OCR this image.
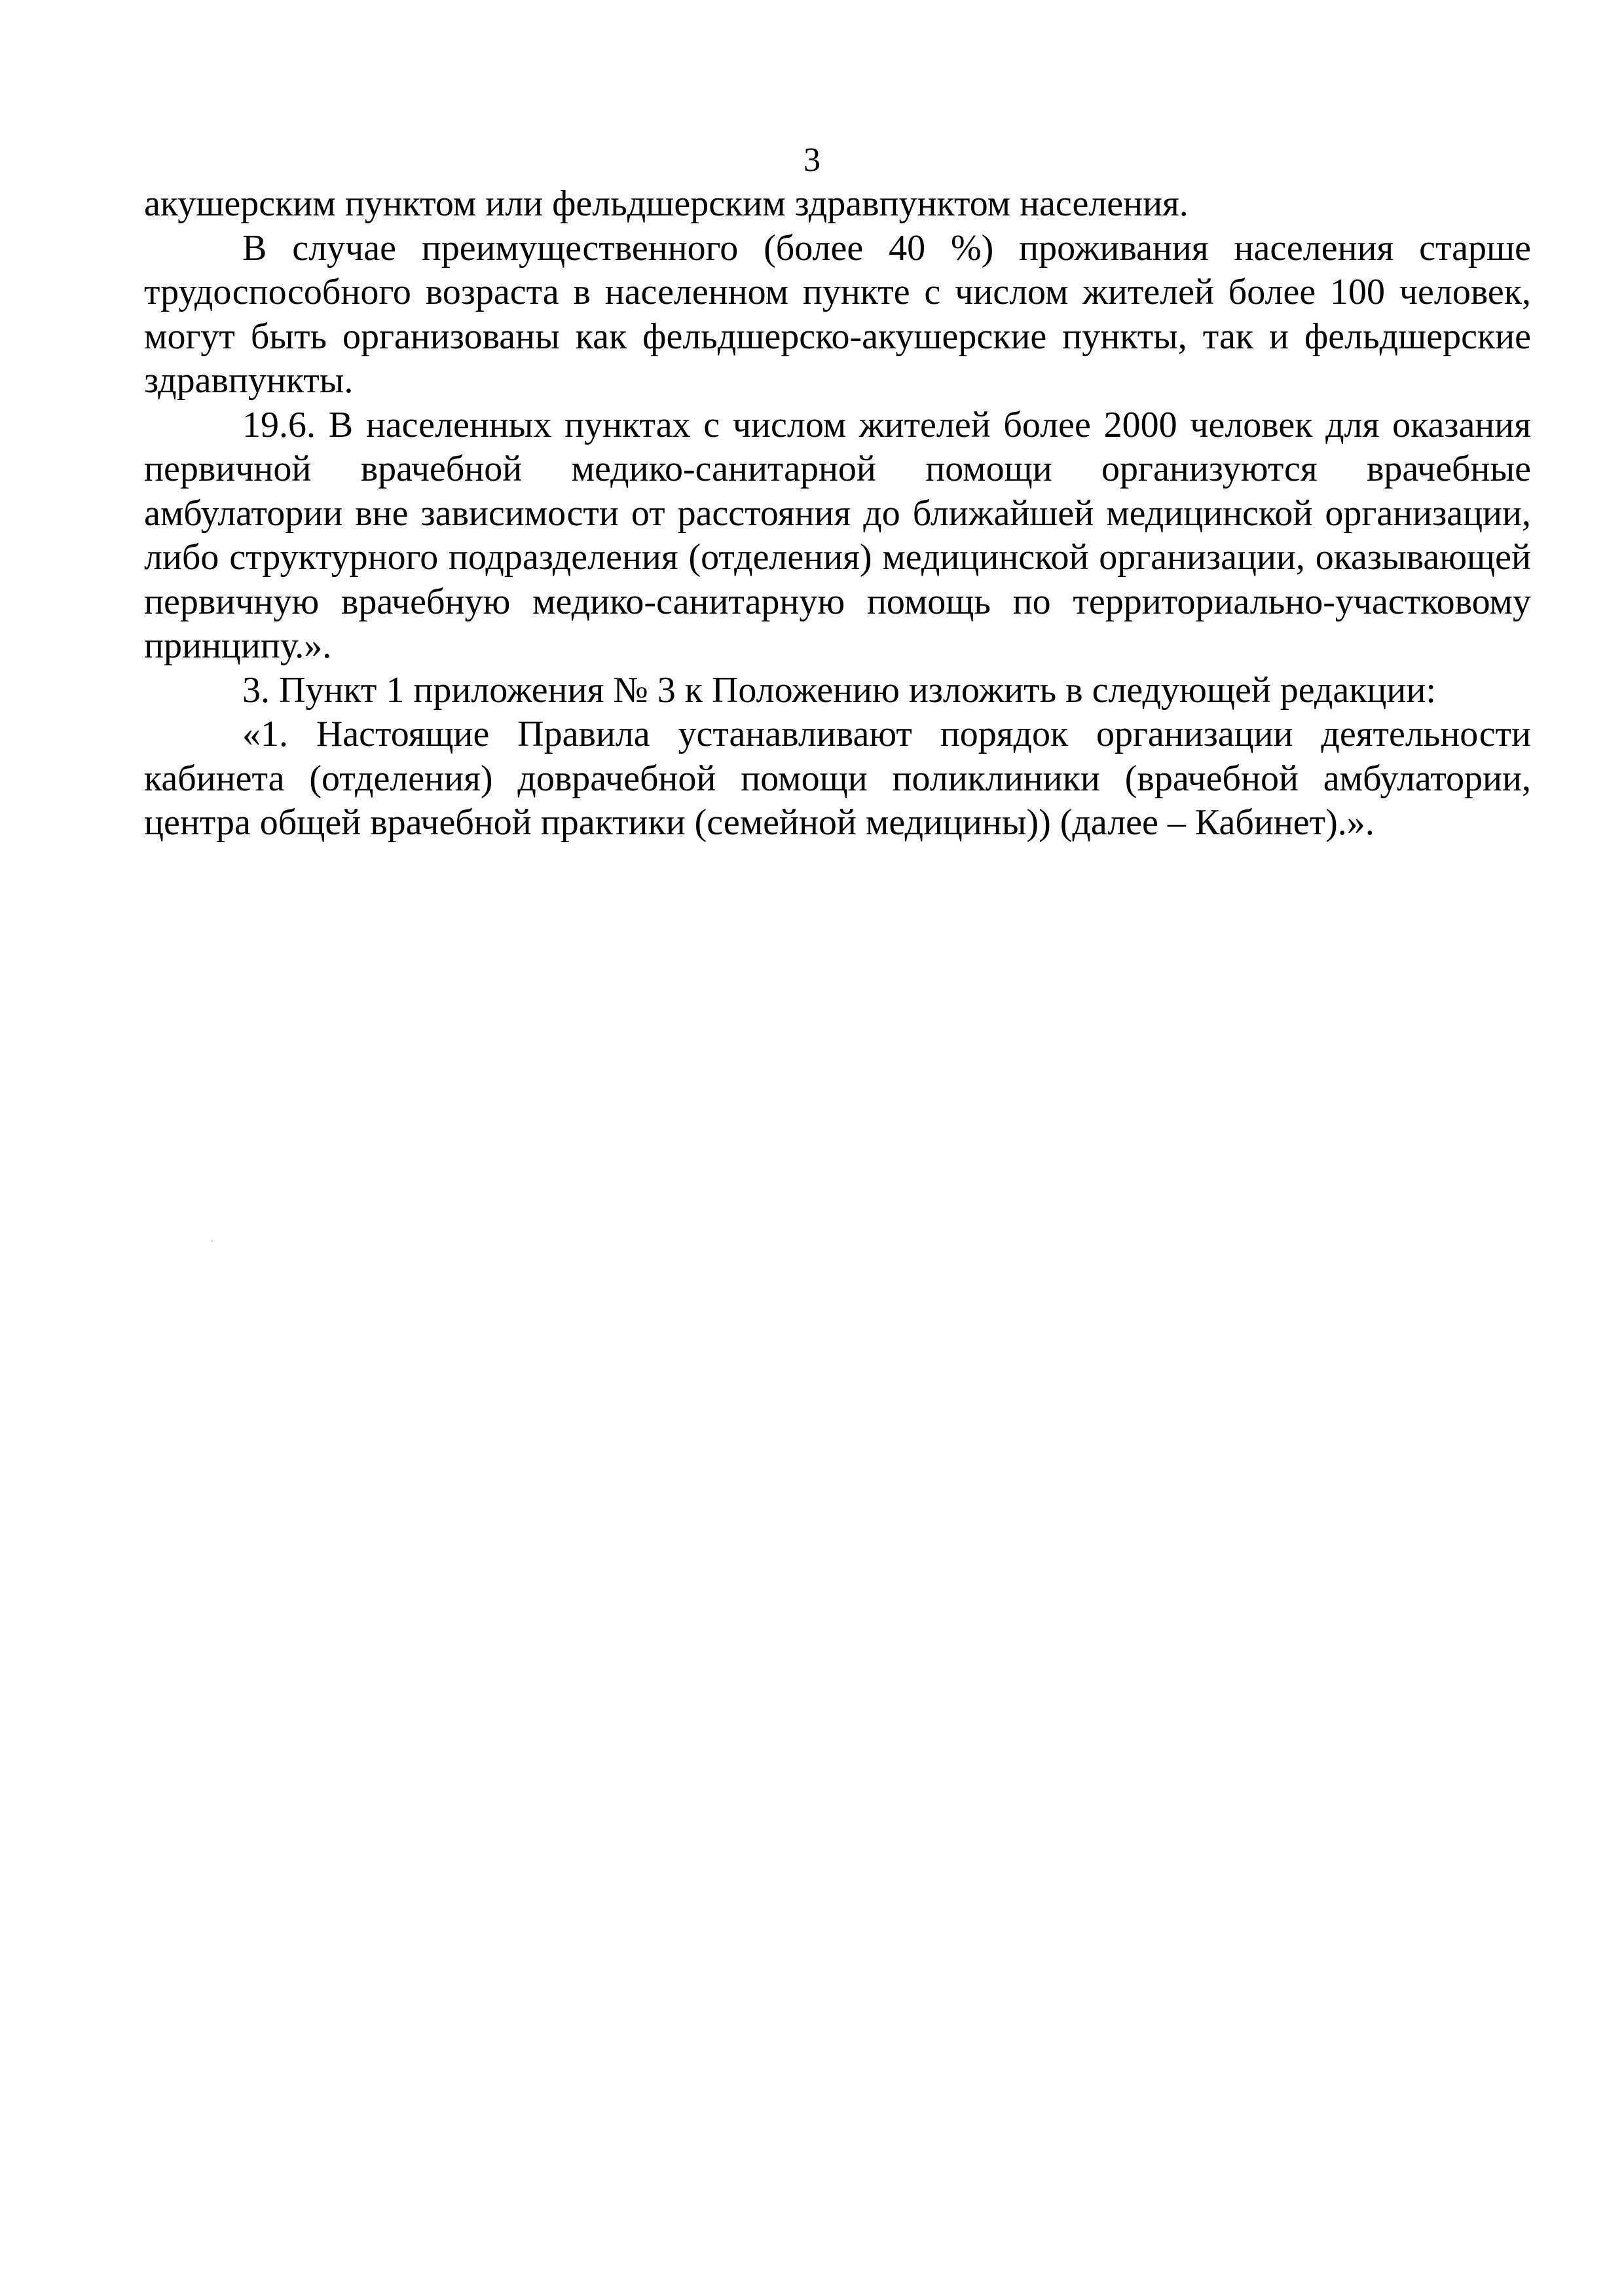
3

акушерским пунктом или фельдшерским здравпунктом населения.

В случае преимущественного (более 40 %) проживания населения старше трудоспособного возраста в населенном пункте с числом жителей более 100 человек, могут быть организованы как фельдшерско-акушерские пункты, так и фельдшерские здравпункты.

19.6. В населенных пунктах с числом жителей более 2000 человек для оказания первичной врачебной медико-санитарной помощи организуются врачебные амбулатории вне зависимости от расстояния до ближайшей медицинской организации, либо структурного подразделения (отделения) медицинской организации, оказывающей первичную врачебную медико-санитарную помощь по территориально-участковому принципу.».

3. Пункт 1 приложения № 3 к Положению изложить в следующей редакции:

«1. Настоящие Правила устанавливают порядок организации деятельности кабинета (отделения) доврачебной помощи поликлиники (врачебной амбулатории, центра общей врачебной практики (семейной медицины)) (далее – Кабинет).».
